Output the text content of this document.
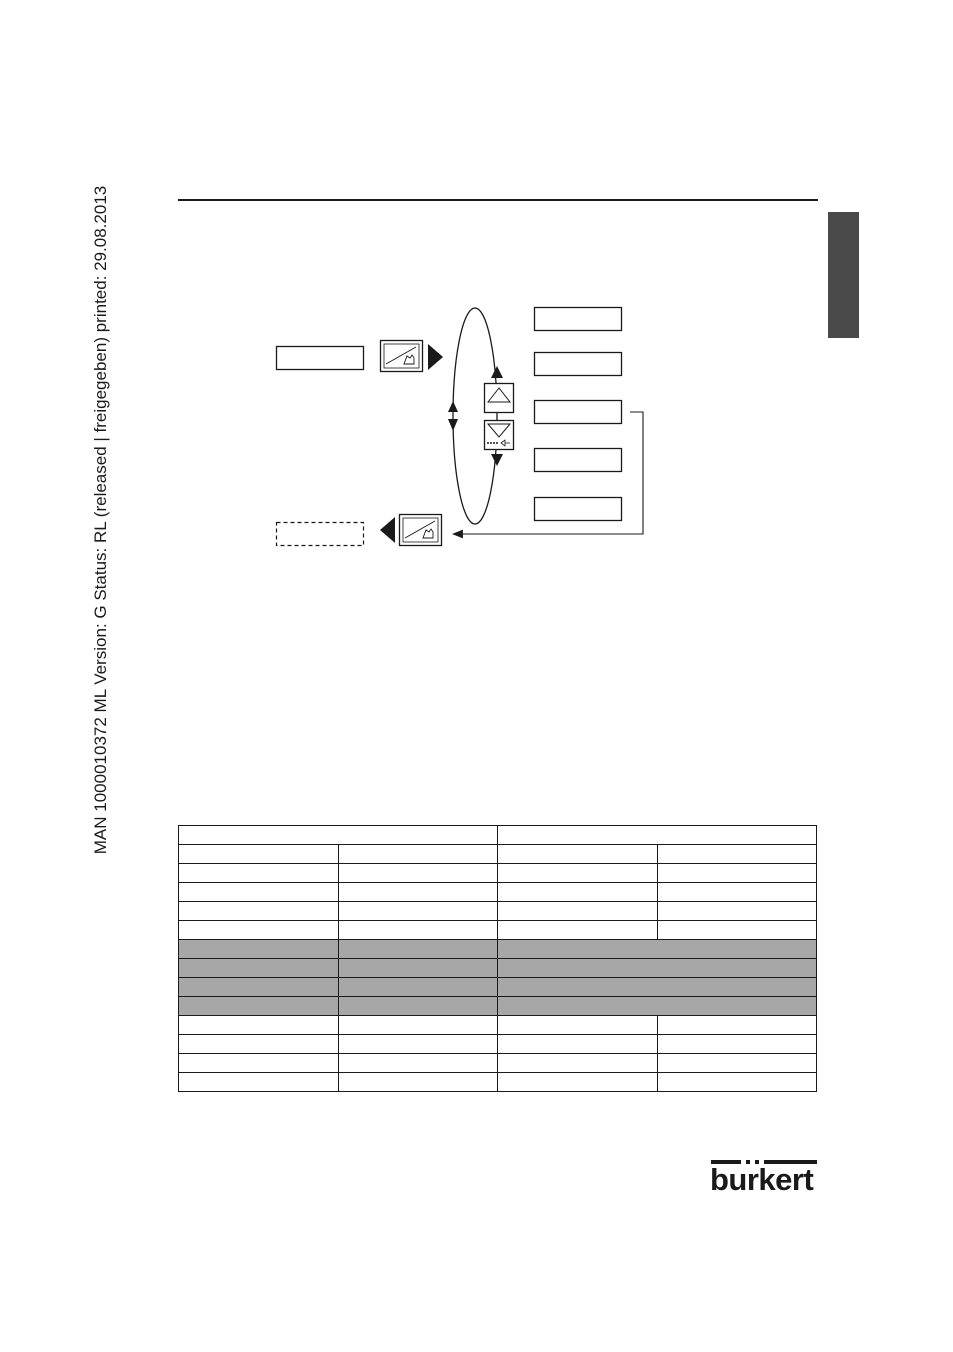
MAN 1000010372 ML Version: G Status: RL (released | freigegeben) printed: 29.08.2013

burkert
